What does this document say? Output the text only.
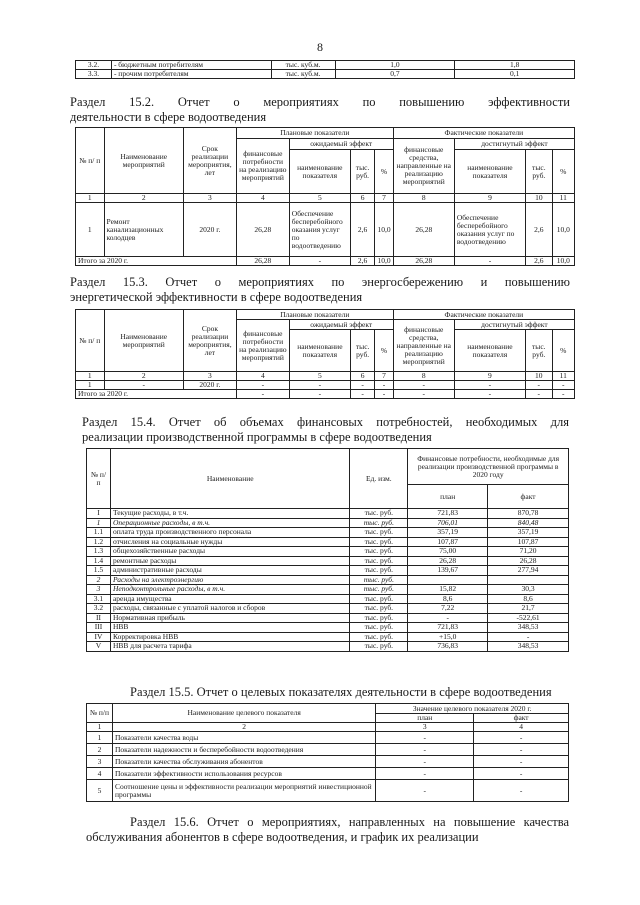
8
3.2.	- бюджетным потребителям	тыс. куб.м.	1,0	1,8
3.3.	- прочим потребителям	тыс. куб.м.	0,7	0,1
Раздел 15.2. Отчет о мероприятиях по повышению эффективности
деятельности в сфере водоотведения
№ п/ п	Наименование мероприятий	Срок реализации мероприятия, лет	Плановые показатели				Фактические показатели			
			финансовые потребности на реализацию мероприятий	ожидаемый эффект			финансовые средства, направленные на реализацию мероприятий	достигнутый эффект		
				наименование показателя	тыс. руб.	%		наименование показателя	тыс. руб.	%
1	2	3	4	5	6	7	8	9	10	11
1	Ремонт канализационных колодцев	2020 г.	26,28	Обеспечение бесперебойного оказания услуг по водоотведению	2,6	10,0	26,28	Обеспечение бесперебойного оказания услуг по водоотведению	2,6	10,0
Итого за 2020 г.			26,28	-	2,6	10,0	26,28	-	2,6	10,0
Раздел 15.3. Отчет о мероприятиях по энергосбережению и повышению
энергетической эффективности в сфере водоотведения
№ п/ п	Наименование мероприятий	Срок реализации мероприятия, лет	Плановые показатели				Фактические показатели			
			финансовые потребности на реализацию мероприятий	ожидаемый эффект			финансовые средства, направленные на реализацию мероприятий	достигнутый эффект		
				наименование показателя	тыс. руб.	%		наименование показателя	тыс. руб.	%
1	2	3	4	5	6	7	8	9	10	11
1	-	2020 г.	-	-	-	-	-	-	-	-
Итого за 2020 г.			-	-	-	-	-	-	-	-
Раздел 15.4. Отчет об объемах финансовых потребностей, необходимых для
реализации производственной программы в сфере водоотведения
№ п/п	Наименование	Ед. изм.	Финансовые потребности, необходимые для реализации производственной программы в 2020 году	
			план	факт
I	Текущие расходы, в т.ч.	тыс. руб.	721,83	870,78
1	Операционные расходы, в т.ч.	тыс. руб.	706,01	840,48
1.1	оплата труда производственного персонала	тыс. руб.	357,19	357,19
1.2	отчисления на социальные нужды	тыс. руб.	107,87	107,87
1.3	общехозяйственные расходы	тыс. руб.	75,00	71,20
1.4	ремонтные расходы	тыс. руб.	26,28	26,28
1.5	административные расходы	тыс. руб.	139,67	277,94
2	Расходы на электроэнергию	тыс. руб.		
3	Неподконтрольные расходы, в т.ч.	тыс. руб.	15,82	30,3
3.1	аренда имущества	тыс. руб.	8,6	8,6
3.2	расходы, связанные с уплатой налогов и сборов	тыс. руб.	7,22	21,7
II	Нормативная прибыль	тыс. руб.	-	-522,61
III	НВВ	тыс. руб.	721,83	348,53
IV	Корректировка НВВ	тыс. руб.	+15,0	-
V	НВВ для расчета тарифа	тыс. руб.	736,83	348,53
Раздел 15.5. Отчет о целевых показателях деятельности в сфере водоотведения
№ п/п	Наименование целевого показателя	Значение целевого показателя 2020 г.	
		план	факт
1	2	3	4
1	Показатели качества воды	-	-
2	Показатели надежности и бесперебойности водоотведения	-	-
3	Показатели качества обслуживания абонентов	-	-
4	Показатели эффективности использования ресурсов	-	-
5	Соотношение цены и эффективности реализации мероприятий инвестиционной программы	-	-
Раздел 15.6. Отчет о мероприятиях, направленных на повышение качества
обслуживания абонентов в сфере водоотведения, и график их реализации
